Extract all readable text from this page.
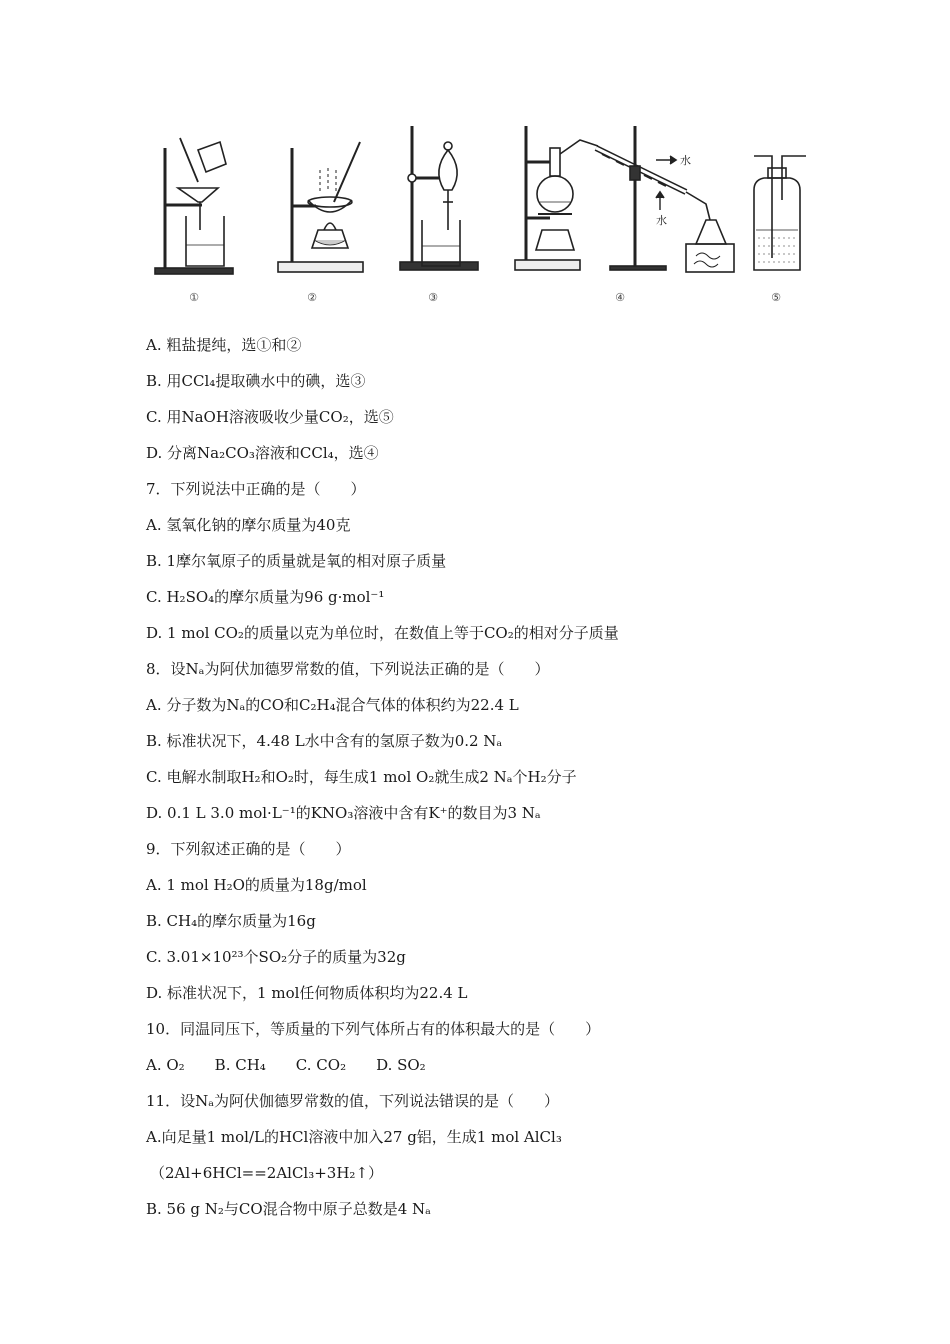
水
水
①	②	③	④	⑤
A. 粗盐提纯，选①和②
B. 用CCl₄提取碘水中的碘，选③
C. 用NaOH溶液吸收少量CO₂，选⑤
D. 分离Na₂CO₃溶液和CCl₄，选④
7．下列说法中正确的是（　　）
A. 氢氧化钠的摩尔质量为40克
B. 1摩尔氧原子的质量就是氧的相对原子质量
C. H₂SO₄的摩尔质量为96 g·mol⁻¹
D. 1 mol CO₂的质量以克为单位时，在数值上等于CO₂的相对分子质量
8．设Nₐ为阿伏加德罗常数的值，下列说法正确的是（　　）
A. 分子数为Nₐ的CO和C₂H₄混合气体的体积约为22.4 L
B. 标准状况下，4.48 L水中含有的氢原子数为0.2 Nₐ
C. 电解水制取H₂和O₂时，每生成1 mol O₂就生成2 Nₐ个H₂分子
D. 0.1 L 3.0 mol·L⁻¹的KNO₃溶液中含有K⁺的数目为3 Nₐ
9．下列叙述正确的是（　　）
A. 1 mol H₂O的质量为18g/mol
B. CH₄的摩尔质量为16g
C. 3.01×10²³个SO₂分子的质量为32g
D. 标准状况下，1 mol任何物质体积均为22.4 L
10．同温同压下，等质量的下列气体所占有的体积最大的是（　　）
A. O₂　　B. CH₄　　C. CO₂　　D. SO₂
11．设Nₐ为阿伏伽德罗常数的值，下列说法错误的是（　　）
A.向足量1 mol/L的HCl溶液中加入27 g铝，生成1 mol AlCl₃
（2Al+6HCl==2AlCl₃+3H₂↑）
B. 56 g N₂与CO混合物中原子总数是4 Nₐ
